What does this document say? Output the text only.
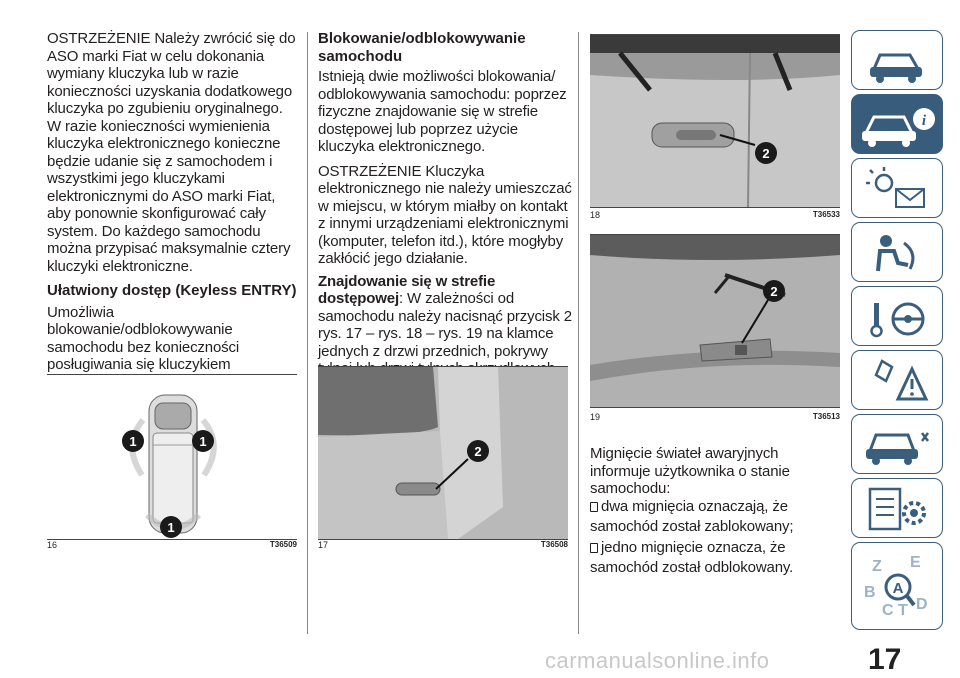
OSTRZEŻENIE Należy zwrócić się do ASO marki Fiat w celu dokonania wymiany kluczyka lub w razie konieczności uzyskania dodatkowego kluczyka po zgubieniu oryginalnego. W razie konieczności wymienienia kluczyka elektronicznego konieczne będzie udanie się z samochodem i wszystkimi jego kluczykami elektronicznymi do ASO marki Fiat, aby ponownie skonfigurować cały system. Do każdego samochodu można przypisać maksymalnie cztery kluczyki elektroniczne.

Ułatwiony dostęp (Keyless ENTRY)

Umożliwia blokowanie/odblokowywanie samochodu bez konieczności posługiwania się kluczykiem

Blokowanie/odblokowywanie samochodu

Istnieją dwie możliwości blokowania/ odblokowywania samochodu: poprzez fizyczne znajdowanie się w strefie dostępowej lub poprzez użycie kluczyka elektronicznego.

OSTRZEŻENIE Kluczyka elektronicznego nie należy umieszczać w miejscu, w którym miałby on kontakt z innymi urządzeniami elektronicznymi (komputer, telefon itd.), które mogłyby zakłócić jego działanie.

Znajdowanie się w strefie dostępowej: W zależności od samochodu należy nacisnąć przycisk 2 rys. 17 – rys. 18 – rys. 19 na klamce jednych z drzwi przednich, pokrywy

Mignięcie świateł awaryjnych informuje użytkownika o stanie samochodu:

dwa mignięcia oznaczają, że

samochód został zablokowany;

jedno mignięcie oznacza, że

samochód został odblokowany.

1	1
1
16	T36509
2
17	T36508
2
18	T36533
2
19	T36513
i
Z E
B
C T D
A
carmanualsonline.info	17
